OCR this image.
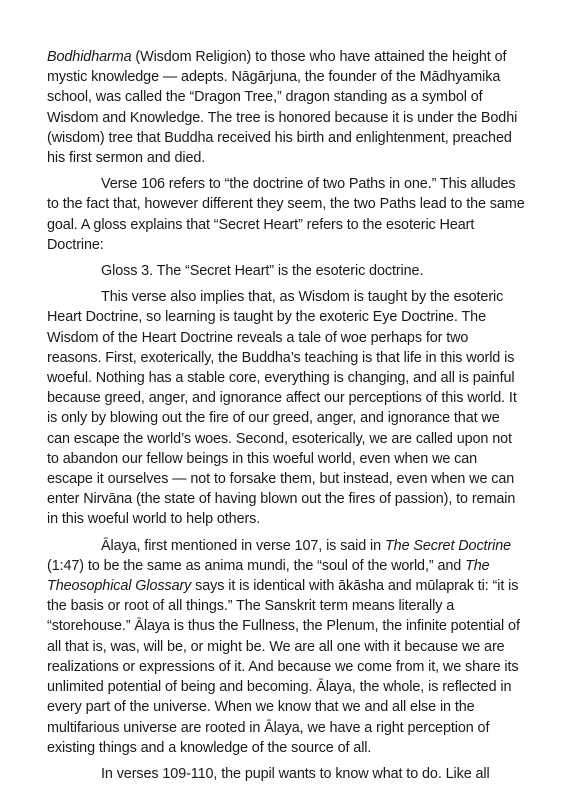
Bodhidharma (Wisdom Religion) to those who have attained the height of mystic knowledge — adepts. Nāgārjuna, the founder of the Mādhyamika school, was called the “Dragon Tree,” dragon standing as a symbol of Wisdom and Knowledge. The tree is honored because it is under the Bodhi (wisdom) tree that Buddha received his birth and enlightenment, preached his first sermon and died.

Verse 106 refers to “the doctrine of two Paths in one.” This alludes to the fact that, however different they seem, the two Paths lead to the same goal. A gloss explains that “Secret Heart” refers to the esoteric Heart Doctrine:

Gloss 3. The “Secret Heart” is the esoteric doctrine.

This verse also implies that, as Wisdom is taught by the esoteric Heart Doctrine, so learning is taught by the exoteric Eye Doctrine. The Wisdom of the Heart Doctrine reveals a tale of woe perhaps for two reasons. First, exoterically, the Buddha’s teaching is that life in this world is woeful. Nothing has a stable core, everything is changing, and all is painful because greed, anger, and ignorance affect our perceptions of this world. It is only by blowing out the fire of our greed, anger, and ignorance that we can escape the world’s woes. Second, esoterically, we are called upon not to abandon our fellow beings in this woeful world, even when we can escape it ourselves — not to forsake them, but instead, even when we can enter Nirvāna (the state of having blown out the fires of passion), to remain in this woeful world to help others.

Ālaya, first mentioned in verse 107, is said in The Secret Doctrine (1:47) to be the same as anima mundi, the “soul of the world,” and The Theosophical Glossary says it is identical with ākāsha and mūlaprak ti: “it is the basis or root of all things.” The Sanskrit term means literally a “storehouse.” Ālaya is thus the Fullness, the Plenum, the infinite potential of all that is, was, will be, or might be. We are all one with it because we are realizations or expressions of it. And because we come from it, we share its unlimited potential of being and becoming. Ālaya, the whole, is reflected in every part of the universe. When we know that we and all else in the multifarious universe are rooted in Ālaya, we have a right perception of existing things and a knowledge of the source of all.

In verses 109-110, the pupil wants to know what to do. Like all
